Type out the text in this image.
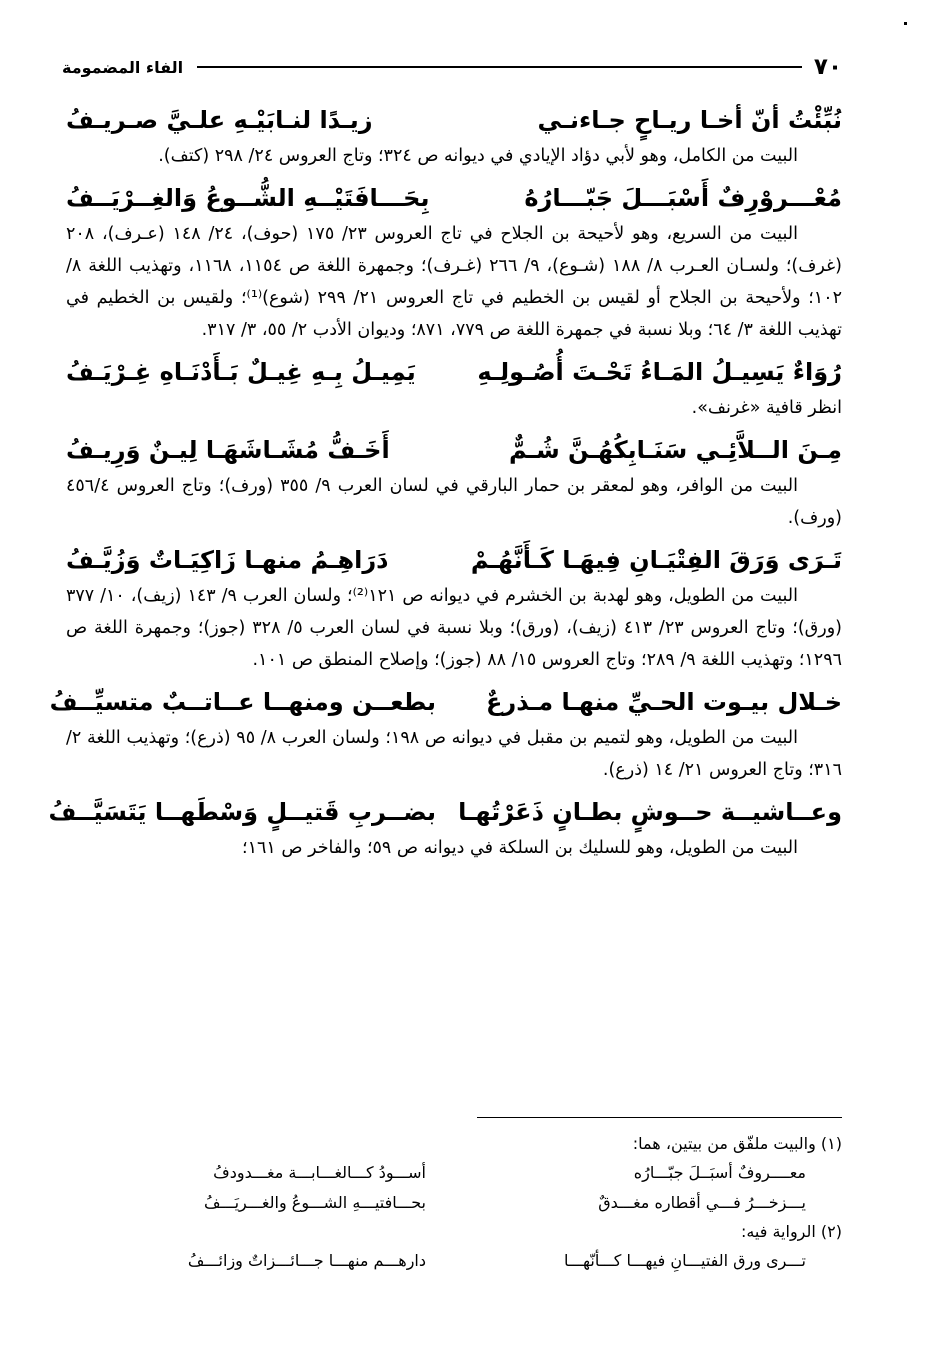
٧٠
الفاء المضمومة
نُبِّئْتُ أنّ أخـا ريـاحٍ جـاءنـي
زيـدًا لنـابَيْـهِ علـيَّ صـريـفُ

البيت من الكامل، وهو لأبي دؤاد الإيادي في ديوانه ص ٣٢٤؛ وتاج العروس ٢٤/ ٢٩٨ (كتف).

مُعْـــروْرِفٌ أَسْبَـــلَ جَبّـــارُهُ
بِحَـــافَتَيْــهِ الشُّــوعُ وَالغِــرْيَــفُ

البيت من السريع، وهو لأحيحة بن الجلاح في تاج العروس ٢٣/ ١٧٥ (حوف)، ٢٤/ ١٤٨ (عـرف)، ٢٠٨ (غرف)؛ ولسـان العـرب ٨/ ١٨٨ (شـوع)، ٩/ ٢٦٦ (غـرف)؛ وجمهرة اللغة ص ١١٥٤، ١١٦٨، وتهذيب اللغة ٨/ ١٠٢؛ ولأحيحة بن الجلاح أو لقيس بن الخطيم في تاج العروس ٢١/ ٢٩٩ (شوع)⁽¹⁾؛ ولقيس بن الخطيم في تهذيب اللغة ٣/ ٦٤؛ وبلا نسبة في جمهرة اللغة ص ٧٧٩، ٨٧١؛ وديوان الأدب ٢/ ٥٥، ٣/ ٣١٧.

رُوَاءٌ يَسِيـلُ المَـاءُ تَحْـتَ أُصُـولِـهِ
يَمِيـلُ بِـهِ غِيـلٌ بَـأَدْنَـاهِ غِـرْيَـفُ

انظر قافية «غرنف».

مِـنَ الــلاَّئِـي سَنَـابِكُهُـنَّ شُـمٌّ
أَخَـفُّ مُشَـاشَهَـا لِيـنٌ وَرِيـفُ

البيت من الوافر، وهو لمعقر بن حمار البارقي في لسان العرب ٩/ ٣٥٥ (ورف)؛ وتاج العروس ٤٥٦/٤ (ورف).

تَـرَى وَرَقَ الفِتْيَـانِ فِيهَـا كَـأَنَّهُـمْ
دَرَاهِـمُ منهـا زَاكِيَـاتٌ وَزُيَّـفُ

البيت من الطويل، وهو لهدبة بن الخشرم في ديوانه ص ١٢١⁽²⁾؛ ولسان العرب ٩/ ١٤٣ (زيف)، ١٠/ ٣٧٧ (ورق)؛ وتاج العروس ٢٣/ ٤١٣ (زيف)، (ورق)؛ وبلا نسبة في لسان العرب ٥/ ٣٢٨ (جوز)؛ وجمهرة اللغة ص ١٢٩٦؛ وتهذيب اللغة ٩/ ٢٨٩؛ وتاج العروس ١٥/ ٨٨ (جوز)؛ وإصلاح المنطق ص ١٠١.

خـلال بيـوت الحـيِّ منهـا مـذرعٌ
بطعــن ومنهــا عــاتــبٌ متسيِّــفُ

البيت من الطويل، وهو لتميم بن مقبل في ديوانه ص ١٩٨؛ ولسان العرب ٨/ ٩٥ (ذرع)؛ وتهذيب اللغة ٢/ ٣١٦؛ وتاج العروس ٢١/ ١٤ (ذرع).

وعــاشيــة حــوشٍ بطـانٍ ذَعَرْتُهـا
بضــربِ قَتيــلٍ وَسْطَهــا يَتَسَيَّــفُ

البيت من الطويل، وهو للسليك بن السلكة في ديوانه ص ٥٩؛ والفاخر ص ١٦١؛

(١) والبيت ملفّق من بيتين، هما:
معــــروفٌ أسبَــلَ جبّـــارُه
أســـودُ كـــالغـــابـــة مغـــدودفُ
يـــزخـــرُ فـــي أقطاره مغـــدقٌ
بحـــافتيـــهِ الشـــوعُ والغـــريَـــفُ
(٢) الرواية فيه:
تـــرى ورق الفتيـــانِ فيهـــا كـــأنّهـــا
دارهـــم منهـــا جـــائـــزاتٌ وزائـــفُ
